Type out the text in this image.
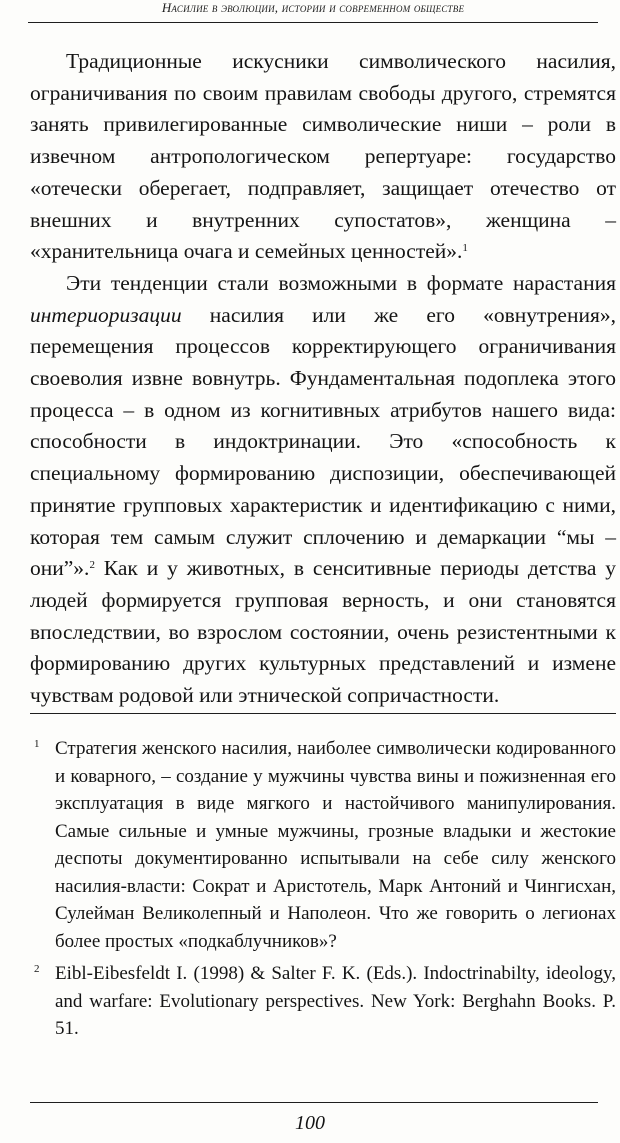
Насилие в эволюции, истории и современном обществе

Традиционные искусники символического насилия, ограничивания по своим правилам свободы другого, стремятся занять привилегированные символические ниши – роли в извечном антропологическом репертуаре: государство «отечески оберегает, подправляет, защищает отечество от внешних и внутренних супостатов», женщина – «хранительница очага и семейных ценностей».$^1$

Эти тенденции стали возможными в формате нарастания интериоризации насилия или же его «овнутрения», перемещения процессов корректирующего ограничивания своеволия извне вовнутрь. Фундаментальная подоплека этого процесса – в одном из когнитивных атрибутов нашего вида: способности в индоктринации. Это «способность к специальному формированию диспозиции, обеспечивающей принятие групповых характеристик и идентификацию с ними, которая тем самым служит сплочению и демаркации “мы – они”».$^2$ Как и у животных, в сенситивные периоды детства у людей формируется групповая верность, и они становятся впоследствии, во взрослом состоянии, очень резистентными к формированию других культурных представлений и измене чувствам родовой или этнической сопричастности.

1 Стратегия женского насилия, наиболее символически кодированного и коварного, – создание у мужчины чувства вины и пожизненная его эксплуатация в виде мягкого и настойчивого манипулирования. Самые сильные и умные мужчины, грозные владыки и жестокие деспоты документированно испытывали на себе силу женского насилия-власти: Сократ и Аристотель, Марк Антоний и Чингисхан, Сулейман Великолепный и Наполеон. Что же говорить о легионах более простых «подкаблучников»?
2 Eibl-Eibesfeldt I. (1998) & Salter F. K. (Eds.). Indoctrinabilty, ideology, and warfare: Evolutionary perspectives. New York: Berghahn Books. P. 51.
100
